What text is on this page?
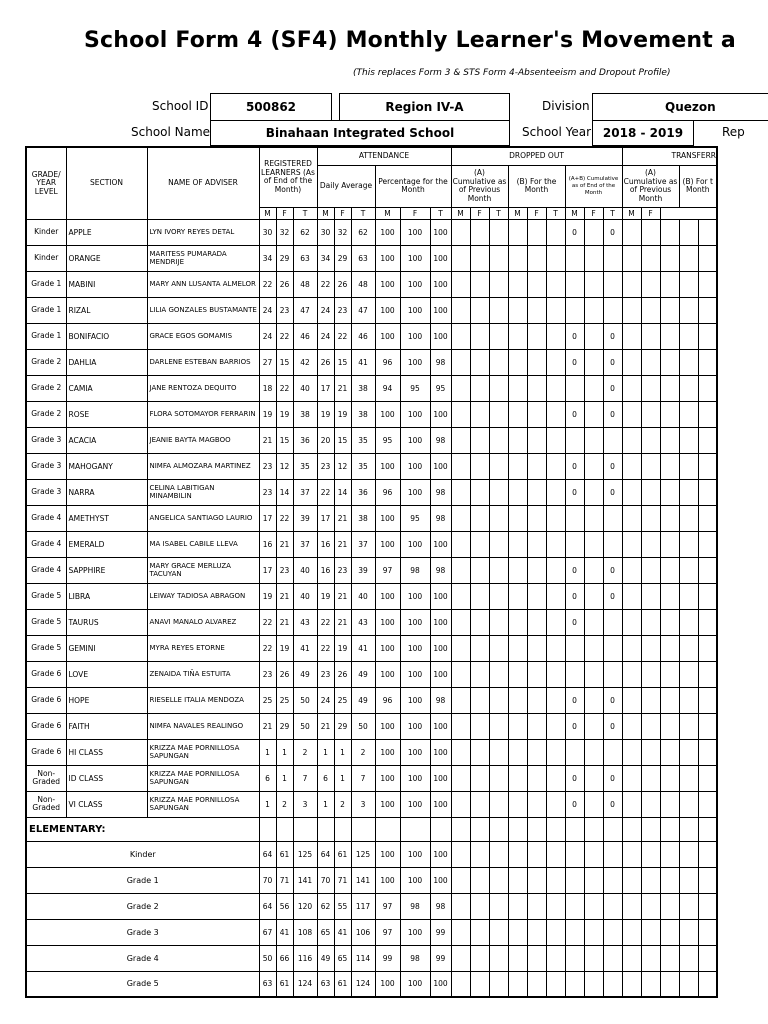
School Form 4 (SF4) Monthly Learner's Movement a
(This replaces Form 3 & STS Form 4-Absenteeism and Dropout Profile)
School ID	500862	Region IV-A	Division	Quezon
School Name	Binahaan Integrated School	School Year 2018 - 2019	Rep
GRADE/ YEAR LEVEL	SECTION	NAME OF ADVISER	REGISTERED LEARNERS (As of End of the Month)			ATTENDANCE						DROPPED OUT									TRANSFERR				
						Daily Average			Percentage for the Month			(A) Cumulative as of Previous Month			(B) For the Month			(A+B) Cumulative as of End of the Month			(A) Cumulative as of Previous Month			(B) For t Month	
			M	F	T	M	F	T	M	F	T	M	F	T	M	F	T	M	F	T	M	F			
Kinder	APPLE	LYN IVORY REYES DETAL	30	32	62	30	32	62	100	100	100							0		0					
Kinder	ORANGE	MARITESS PUMARADA MENDRIJE	34	29	63	34	29	63	100	100	100														
Grade 1	MABINI	MARY ANN LUSANTA ALMELOR	22	26	48	22	26	48	100	100	100														
Grade 1	RIZAL	LILIA GONZALES BUSTAMANTE	24	23	47	24	23	47	100	100	100														
Grade 1	BONIFACIO	GRACE EGOS GOMAMIS	24	22	46	24	22	46	100	100	100							0		0					
Grade 2	DAHLIA	DARLENE ESTEBAN BARRIOS	27	15	42	26	15	41	96	100	98							0		0					
Grade 2	CAMIA	JANE RENTOZA DEQUITO	18	22	40	17	21	38	94	95	95									0					
Grade 2	ROSE	FLORA SOTOMAYOR FERRARIN	19	19	38	19	19	38	100	100	100							0		0					
Grade 3	ACACIA	JEANIE BAYTA MAGBOO	21	15	36	20	15	35	95	100	98														
Grade 3	MAHOGANY	NIMFA ALMOZARA MARTINEZ	23	12	35	23	12	35	100	100	100							0		0					
Grade 3	NARRA	CELINA LABITIGAN MINAMBILIN	23	14	37	22	14	36	96	100	98							0		0					
Grade 4	AMETHYST	ANGELICA SANTIAGO LAURIO	17	22	39	17	21	38	100	95	98														
Grade 4	EMERALD	MA ISABEL CABILE LLEVA	16	21	37	16	21	37	100	100	100														
Grade 4	SAPPHIRE	MARY GRACE MERLUZA TACUYAN	17	23	40	16	23	39	97	98	98							0		0					
Grade 5	LIBRA	LEIWAY TADIOSA ABRAGON	19	21	40	19	21	40	100	100	100							0		0					
Grade 5	TAURUS	ANAVI MANALO ALVAREZ	22	21	43	22	21	43	100	100	100							0							
Grade 5	GEMINI	MYRA REYES ETORNE	22	19	41	22	19	41	100	100	100														
Grade 6	LOVE	ZENAIDA TIÑA ESTUITA	23	26	49	23	26	49	100	100	100														
Grade 6	HOPE	RIESELLE ITALIA MENDOZA	25	25	50	24	25	49	96	100	98							0		0					
Grade 6	FAITH	NIMFA NAVALES REALINGO	21	29	50	21	29	50	100	100	100							0		0					
Grade 6	HI CLASS	KRIZZA MAE PORNILLOSA SAPUNGAN	1	1	2	1	1	2	100	100	100														
Non-Graded	ID CLASS	KRIZZA MAE PORNILLOSA SAPUNGAN	6	1	7	6	1	7	100	100	100							0		0					
Non-Graded	VI CLASS	KRIZZA MAE PORNILLOSA SAPUNGAN	1	2	3	1	2	3	100	100	100							0		0					
ELEMENTARY:																									
Kinder			64	61	125	64	61	125	100	100	100														
Grade 1			70	71	141	70	71	141	100	100	100														
Grade 2			64	56	120	62	55	117	97	98	98														
Grade 3			67	41	108	65	41	106	97	100	99														
Grade 4			50	66	116	49	65	114	99	98	99														
Grade 5			63	61	124	63	61	124	100	100	100														
